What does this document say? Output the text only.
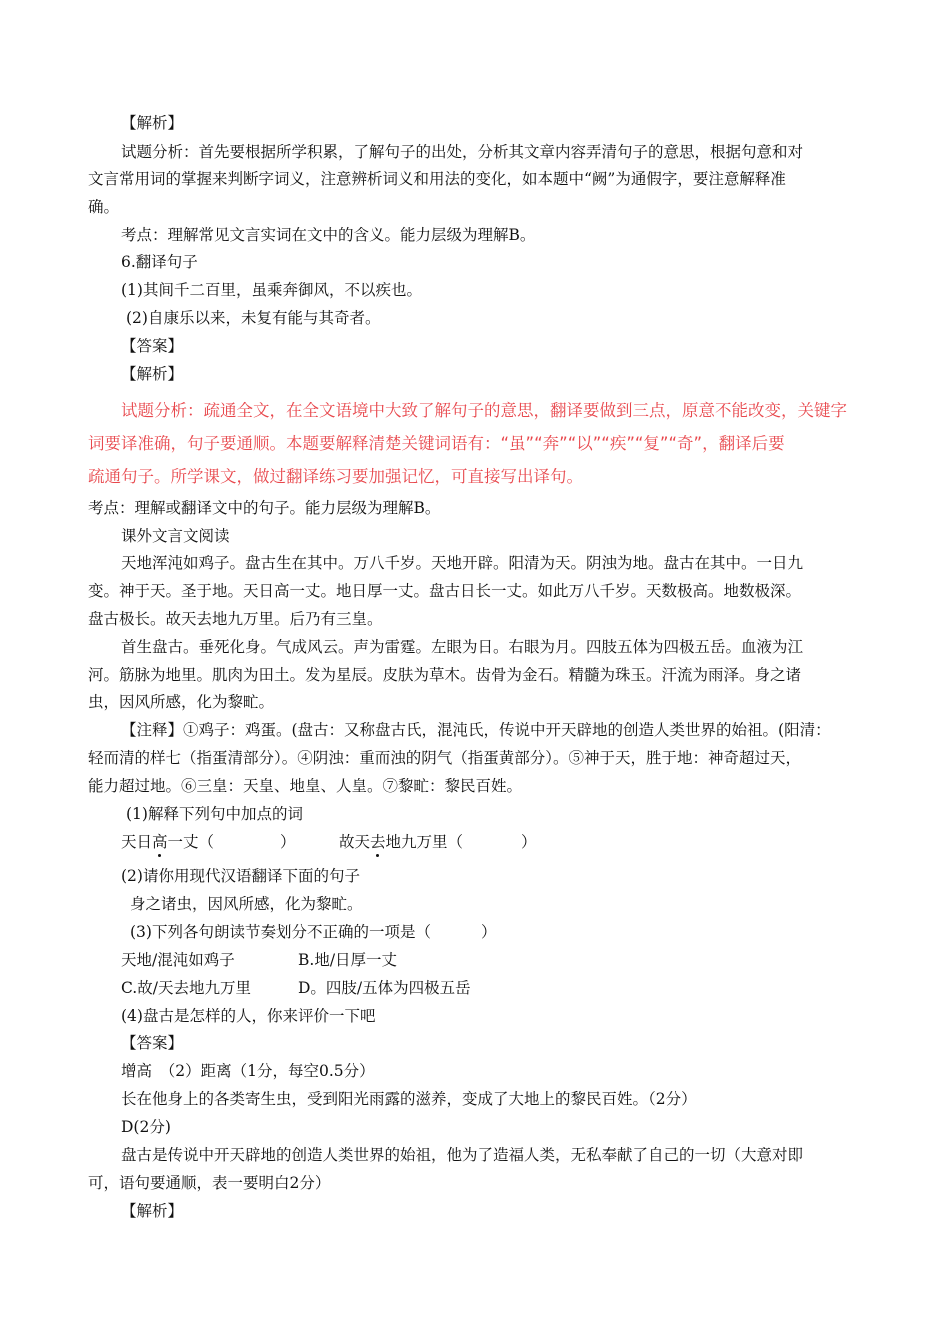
【解析】
试题分析：首先要根据所学积累，了解句子的出处，分析其文章内容弄清句子的意思，根据句意和对
文言常用词的掌握来判断字词义，注意辨析词义和用法的变化，如本题中“阙”为通假字，要注意解释准
确。
考点：理解常见文言实词在文中的含义。能力层级为理解B。
6.翻译句子
(1)其间千二百里，虽乘奔御风，不以疾也。
(2)自康乐以来，未复有能与其奇者。
【答案】
【解析】
试题分析：疏通全文，在全文语境中大致了解句子的意思，翻译要做到三点，原意不能改变，关键字
词要译准确，句子要通顺。本题要解释清楚关键词语有：“虽”“奔”“以”“疾”“复”“奇”，翻译后要
疏通句子。所学课文，做过翻译练习要加强记忆，可直接写出译句。
考点：理解或翻译文中的句子。能力层级为理解B。
课外文言文阅读
天地浑沌如鸡子。盘古生在其中。万八千岁。天地开辟。阳清为天。阴浊为地。盘古在其中。一日九
变。神于天。圣于地。天日高一丈。地日厚一丈。盘古日长一丈。如此万八千岁。天数极高。地数极深。
盘古极长。故天去地九万里。后乃有三皇。
首生盘古。垂死化身。气成风云。声为雷霆。左眼为日。右眼为月。四肢五体为四极五岳。血液为江
河。筋脉为地里。肌肉为田土。发为星辰。皮肤为草木。齿骨为金石。精髓为珠玉。汗流为雨泽。身之诸
虫，因风所感，化为黎甿。
【注释】①鸡子：鸡蛋。(盘古：又称盘古氏，混沌氏，传说中开天辟地的创造人类世界的始祖。(阳清：
轻而清的样七（指蛋清部分）。④阴浊：重而浊的阴气（指蛋黄部分）。⑤神于天，胜于地：神奇超过天，
能力超过地。⑥三皇：天皇、地皇、人皇。⑦黎甿：黎民百姓。
(1)解释下列句中加点的词
天日高一丈（	）	故天去地九万里（	）
(2)请你用现代汉语翻译下面的句子
身之诸虫，因风所感，化为黎甿。
(3)下列各句朗读节奏划分不正确的一项是（	）
天地/混沌如鸡子	B.地/日厚一丈
C.故/天去地九万里	D。四肢/五体为四极五岳
(4)盘古是怎样的人，你来评价一下吧
【答案】
增高　（2）距离（1分，每空0.5分）
长在他身上的各类寄生虫，受到阳光雨露的滋养，变成了大地上的黎民百姓。（2分）
D(2分)
盘古是传说中开天辟地的创造人类世界的始祖，他为了造福人类，无私奉献了自己的一切（大意对即
可，语句要通顺，表一要明白2分）
【解析】
